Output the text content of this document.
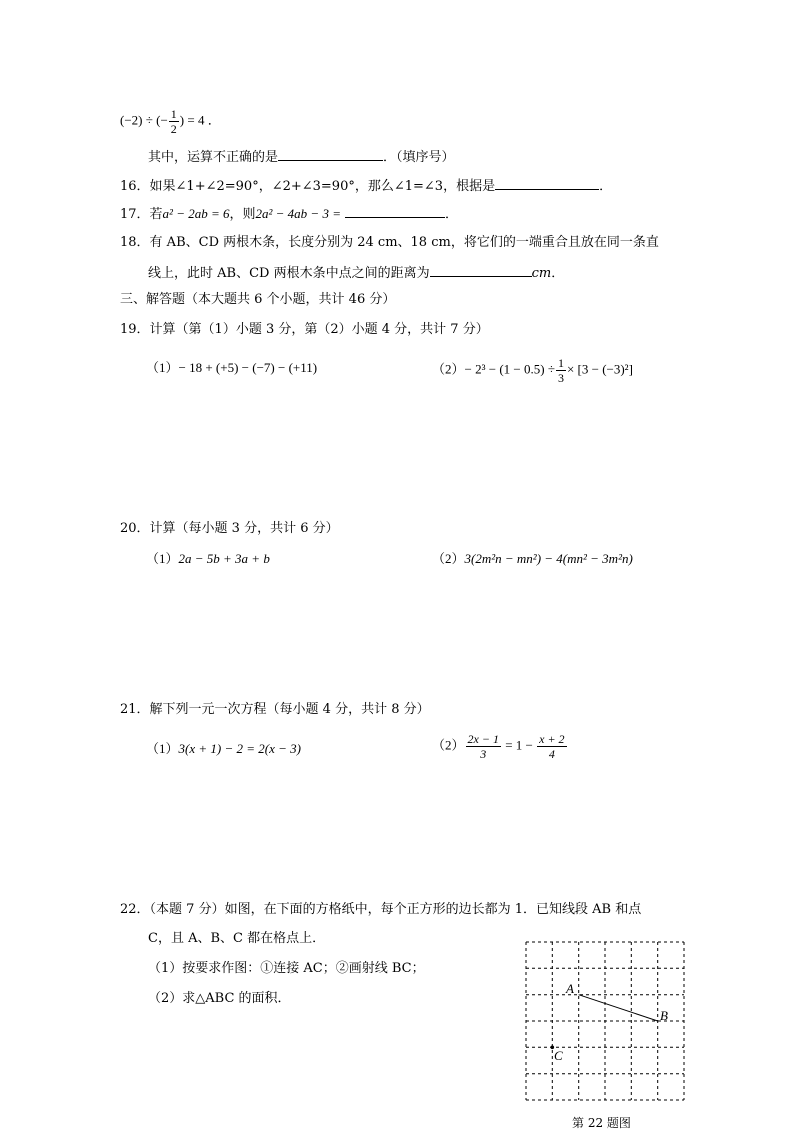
(−2) ÷ (− $\frac{1}{2}$ ) = 4 ．
其中，运算不正确的是	．（填序号）
16．如果∠1+∠2=90°，∠2+∠3=90°，那么∠1=∠3，根据是	．
17．若a² − 2ab = 6，则2a² − 4ab − 3 =	．
18．有 AB、CD 两根木条，长度分别为 24 cm、18 cm，将它们的一端重合且放在同一条直
线上，此时 AB、CD 两根木条中点之间的距离为	cm．
三、解答题（本大题共 6 个小题，共计 46 分）
19．计算（第（1）小题 3 分，第（2）小题 4 分，共计 7 分）
（1）− 18 + (+5) − (−7) − (+11)	$(2)- 2^3 - (1 - 0.5) \div \frac{1}{3} \times [3 - (-3)^2]$
20．计算（每小题 3 分，共计 6 分）
（1）2a − 5b + 3a + b	（2）3(2m²n − mn²) − 4(mn² − 3m²n)
21．解下列一元一次方程（每小题 4 分，共计 8 分）
（1）3(x + 1) − 2 = 2(x − 3)	$(2) \frac{2x - 1}{3} = 1 - \frac{x + 2}{4}$
22．（本题 7 分）如图，在下面的方格纸中，每个正方形的边长都为 1．已知线段 AB 和点
C，且 A、B、C 都在格点上．
（1）按要求作图：①连接 AC；②画射线 BC；
（2）求△ABC 的面积．
A
B
C
第 22 题图
